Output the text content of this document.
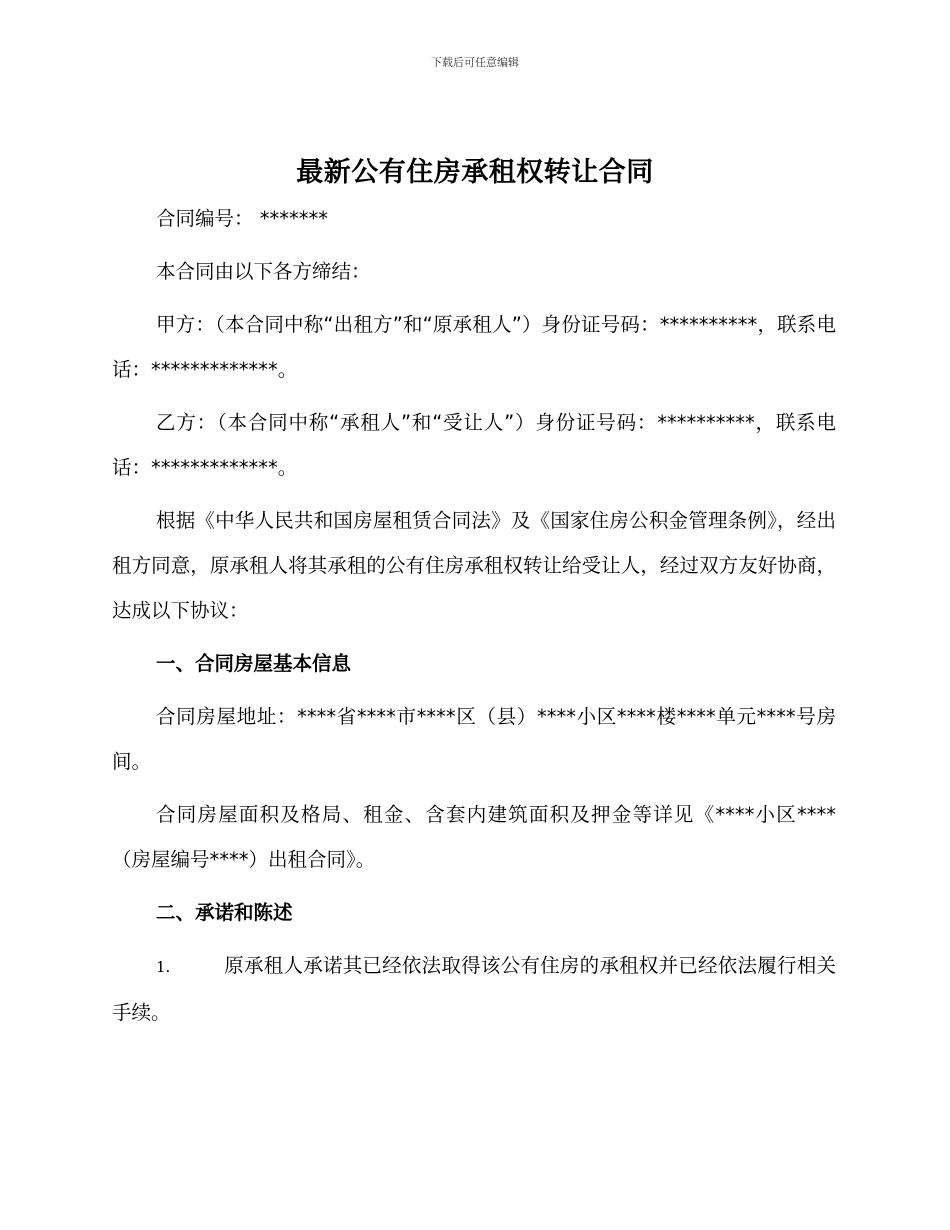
下载后可任意编辑
最新公有住房承租权转让合同

合同编号： *******

本合同由以下各方缔结：

甲方：（本合同中称“出租方”和“原承租人”）身份证号码：**********，联系电话：*************。

乙方：（本合同中称“承租人”和“受让人”）身份证号码：**********，联系电话：*************。

根据《中华人民共和国房屋租赁合同法》及《国家住房公积金管理条例》，经出租方同意，原承租人将其承租的公有住房承租权转让给受让人，经过双方友好协商，达成以下协议：

一、合同房屋基本信息

合同房屋地址：****省****市****区（县）****小区****楼****单元****号房间。

合同房屋面积及格局、租金、含套内建筑面积及押金等详见《****小区****（房屋编号****）出租合同》。

二、承诺和陈述

1.	原承租人承诺其已经依法取得该公有住房的承租权并已经依法履行相关手续。
